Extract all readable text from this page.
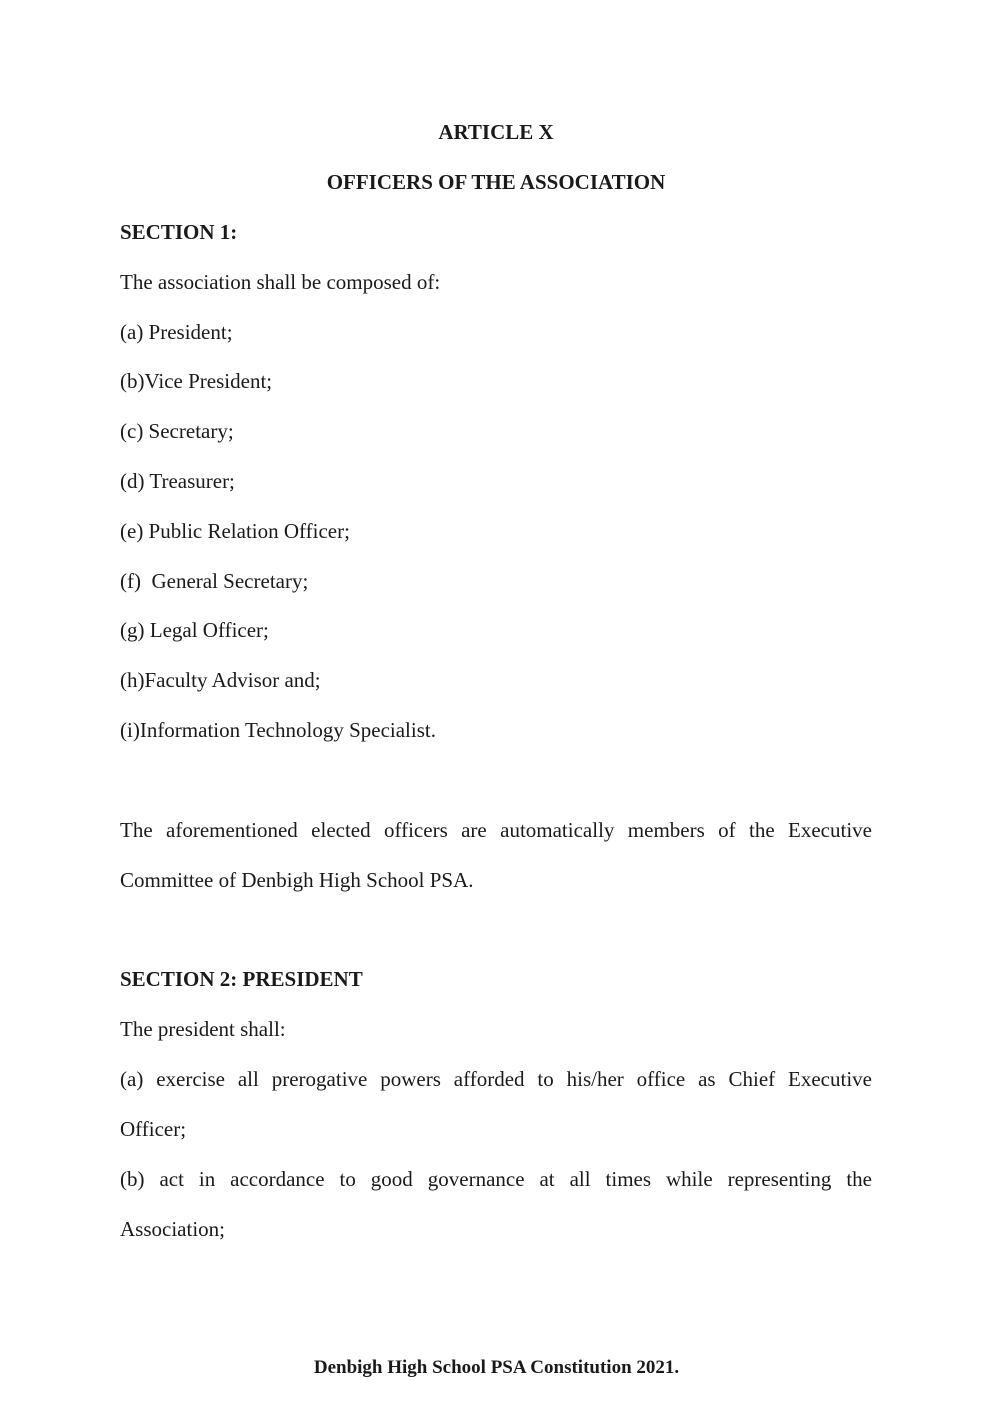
ARTICLE X
OFFICERS OF THE ASSOCIATION
SECTION 1:
The association shall be composed of:
(a) President;
(b)Vice President;
(c) Secretary;
(d) Treasurer;
(e) Public Relation Officer;
(f)  General Secretary;
(g) Legal Officer;
(h)Faculty Advisor and;
(i)Information Technology Specialist.
The aforementioned elected officers are automatically members of the Executive
Committee of Denbigh High School PSA.
SECTION 2: PRESIDENT
The president shall:
(a) exercise all prerogative powers afforded to his/her office as Chief Executive
Officer;
(b) act in accordance to good governance at all times while representing the
Association;
Denbigh High School PSA Constitution 2021.
